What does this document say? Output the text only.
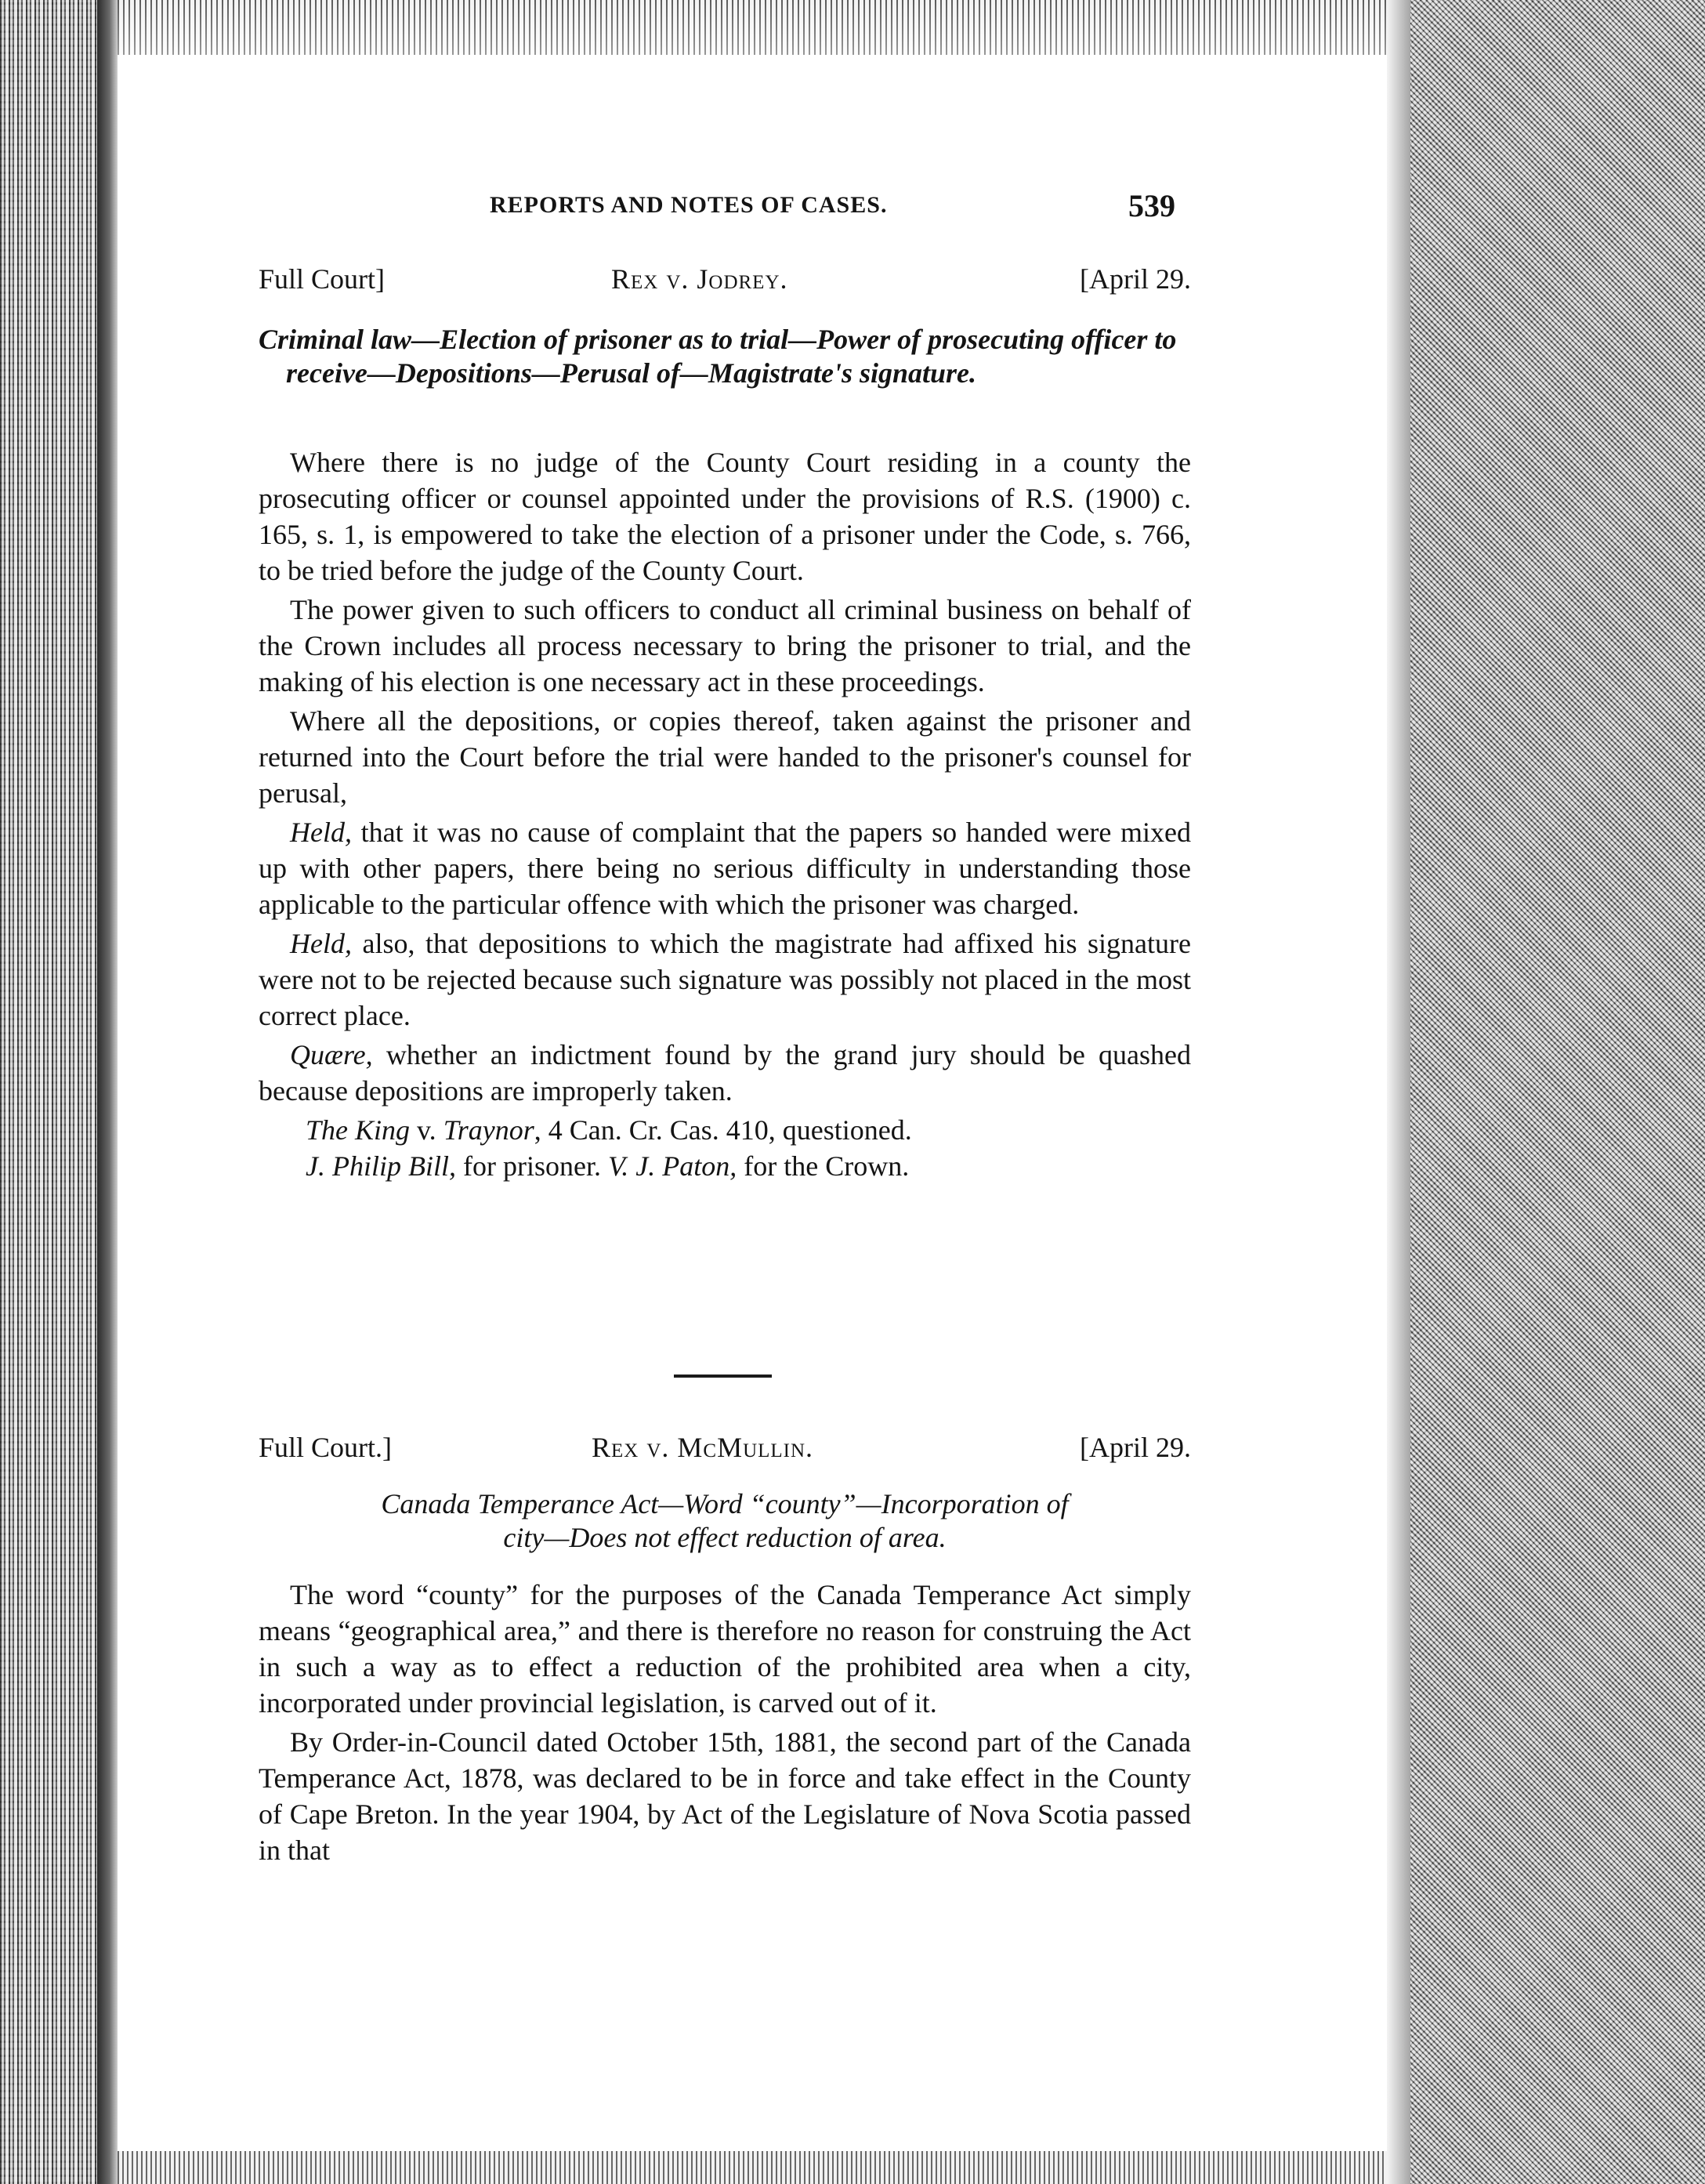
REPORTS AND NOTES OF CASES.	539
Full Court]	Rex v. Jodrey.	[April 29.
Criminal law—Election of prisoner as to trial—Power of prosecuting officer to receive—Depositions—Perusal of—Magistrate's signature.

Where there is no judge of the County Court residing in a county the prosecuting officer or counsel appointed under the provisions of R.S. (1900) c. 165, s. 1, is empowered to take the election of a prisoner under the Code, s. 766, to be tried before the judge of the County Court.

The power given to such officers to conduct all criminal business on behalf of the Crown includes all process necessary to bring the prisoner to trial, and the making of his election is one necessary act in these proceedings.

Where all the depositions, or copies thereof, taken against the prisoner and returned into the Court before the trial were handed to the prisoner's counsel for perusal,

Held, that it was no cause of complaint that the papers so handed were mixed up with other papers, there being no serious difficulty in understanding those applicable to the particular offence with which the prisoner was charged.

Held, also, that depositions to which the magistrate had affixed his signature were not to be rejected because such signature was possibly not placed in the most correct place.

Quære, whether an indictment found by the grand jury should be quashed because depositions are improperly taken.

The King v. Traynor, 4 Can. Cr. Cas. 410, questioned.
J. Philip Bill, for prisoner. V. J. Paton, for the Crown.
Full Court.]	Rex v. McMullin.	[April 29.
Canada Temperance Act—Word “county”—Incorporation of
city—Does not effect reduction of area.

The word “county” for the purposes of the Canada Temperance Act simply means “geographical area,” and there is therefore no reason for construing the Act in such a way as to effect a reduction of the prohibited area when a city, incorporated under provincial legislation, is carved out of it.

By Order-in-Council dated October 15th, 1881, the second part of the Canada Temperance Act, 1878, was declared to be in force and take effect in the County of Cape Breton. In the year 1904, by Act of the Legislature of Nova Scotia passed in that
